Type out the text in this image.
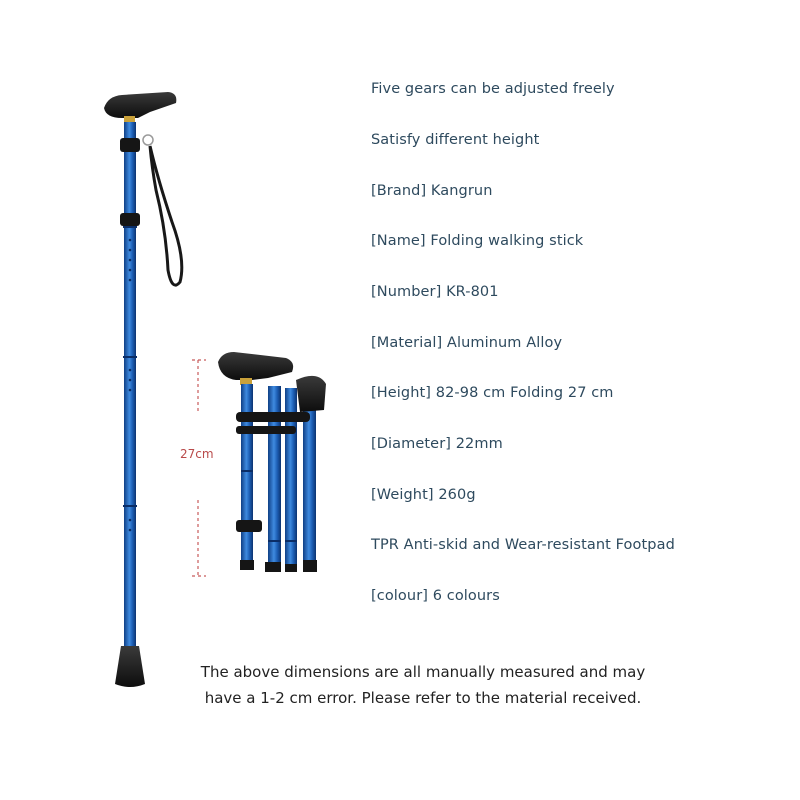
27cm
Five gears can be adjusted freely
Satisfy different height
[Brand] Kangrun
[Name] Folding walking stick
[Number] KR-801
[Material] Aluminum Alloy
[Height] 82-98 cm Folding 27 cm
[Diameter] 22mm
[Weight] 260g
TPR Anti-skid and Wear-resistant Footpad
[colour] 6 colours
The above dimensions are all manually measured and may
have a 1-2 cm error. Please refer to the material received.
